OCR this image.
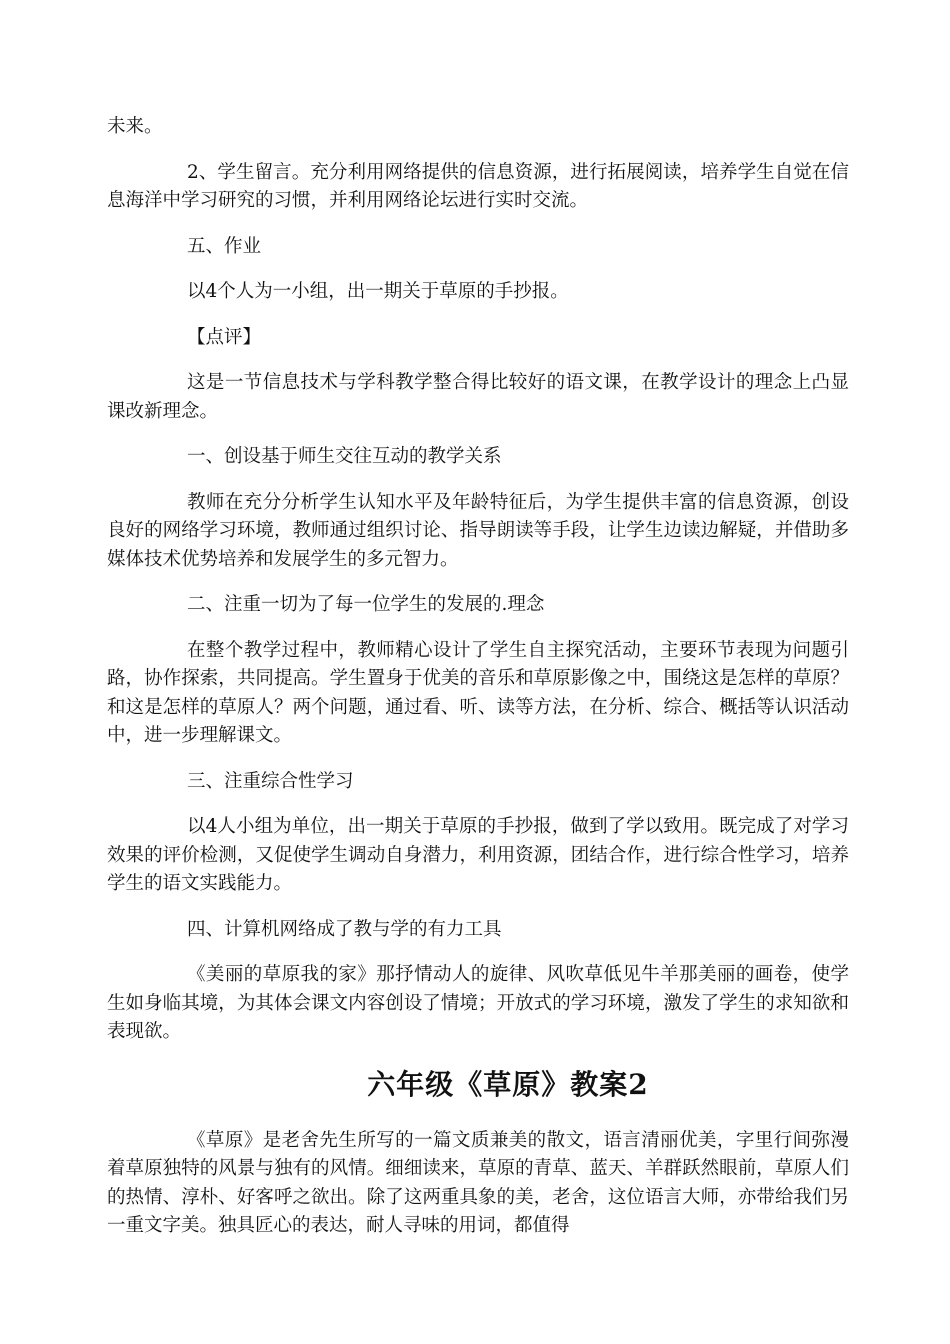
未来。

2、学生留言。充分利用网络提供的信息资源，进行拓展阅读，培养学生自觉在信息海洋中学习研究的习惯，并利用网络论坛进行实时交流。

五、作业

以4个人为一小组，出一期关于草原的手抄报。

【点评】

这是一节信息技术与学科教学整合得比较好的语文课，在教学设计的理念上凸显课改新理念。

一、创设基于师生交往互动的教学关系

教师在充分分析学生认知水平及年龄特征后，为学生提供丰富的信息资源，创设良好的网络学习环境，教师通过组织讨论、指导朗读等手段，让学生边读边解疑，并借助多媒体技术优势培养和发展学生的多元智力。

二、注重一切为了每一位学生的发展的.理念

在整个教学过程中，教师精心设计了学生自主探究活动，主要环节表现为问题引路，协作探索，共同提高。学生置身于优美的音乐和草原影像之中，围绕这是怎样的草原？和这是怎样的草原人？两个问题，通过看、听、读等方法，在分析、综合、概括等认识活动中，进一步理解课文。

三、注重综合性学习

以4人小组为单位，出一期关于草原的手抄报，做到了学以致用。既完成了对学习效果的评价检测，又促使学生调动自身潜力，利用资源，团结合作，进行综合性学习，培养学生的语文实践能力。

四、计算机网络成了教与学的有力工具

《美丽的草原我的家》那抒情动人的旋律、风吹草低见牛羊那美丽的画卷，使学生如身临其境，为其体会课文内容创设了情境；开放式的学习环境，激发了学生的求知欲和表现欲。

六年级《草原》教案2

《草原》是老舍先生所写的一篇文质兼美的散文，语言清丽优美，字里行间弥漫着草原独特的风景与独有的风情。细细读来，草原的青草、蓝天、羊群跃然眼前，草原人们的热情、淳朴、好客呼之欲出。除了这两重具象的美，老舍，这位语言大师，亦带给我们另一重文字美。独具匠心的表达，耐人寻味的用词，都值得
